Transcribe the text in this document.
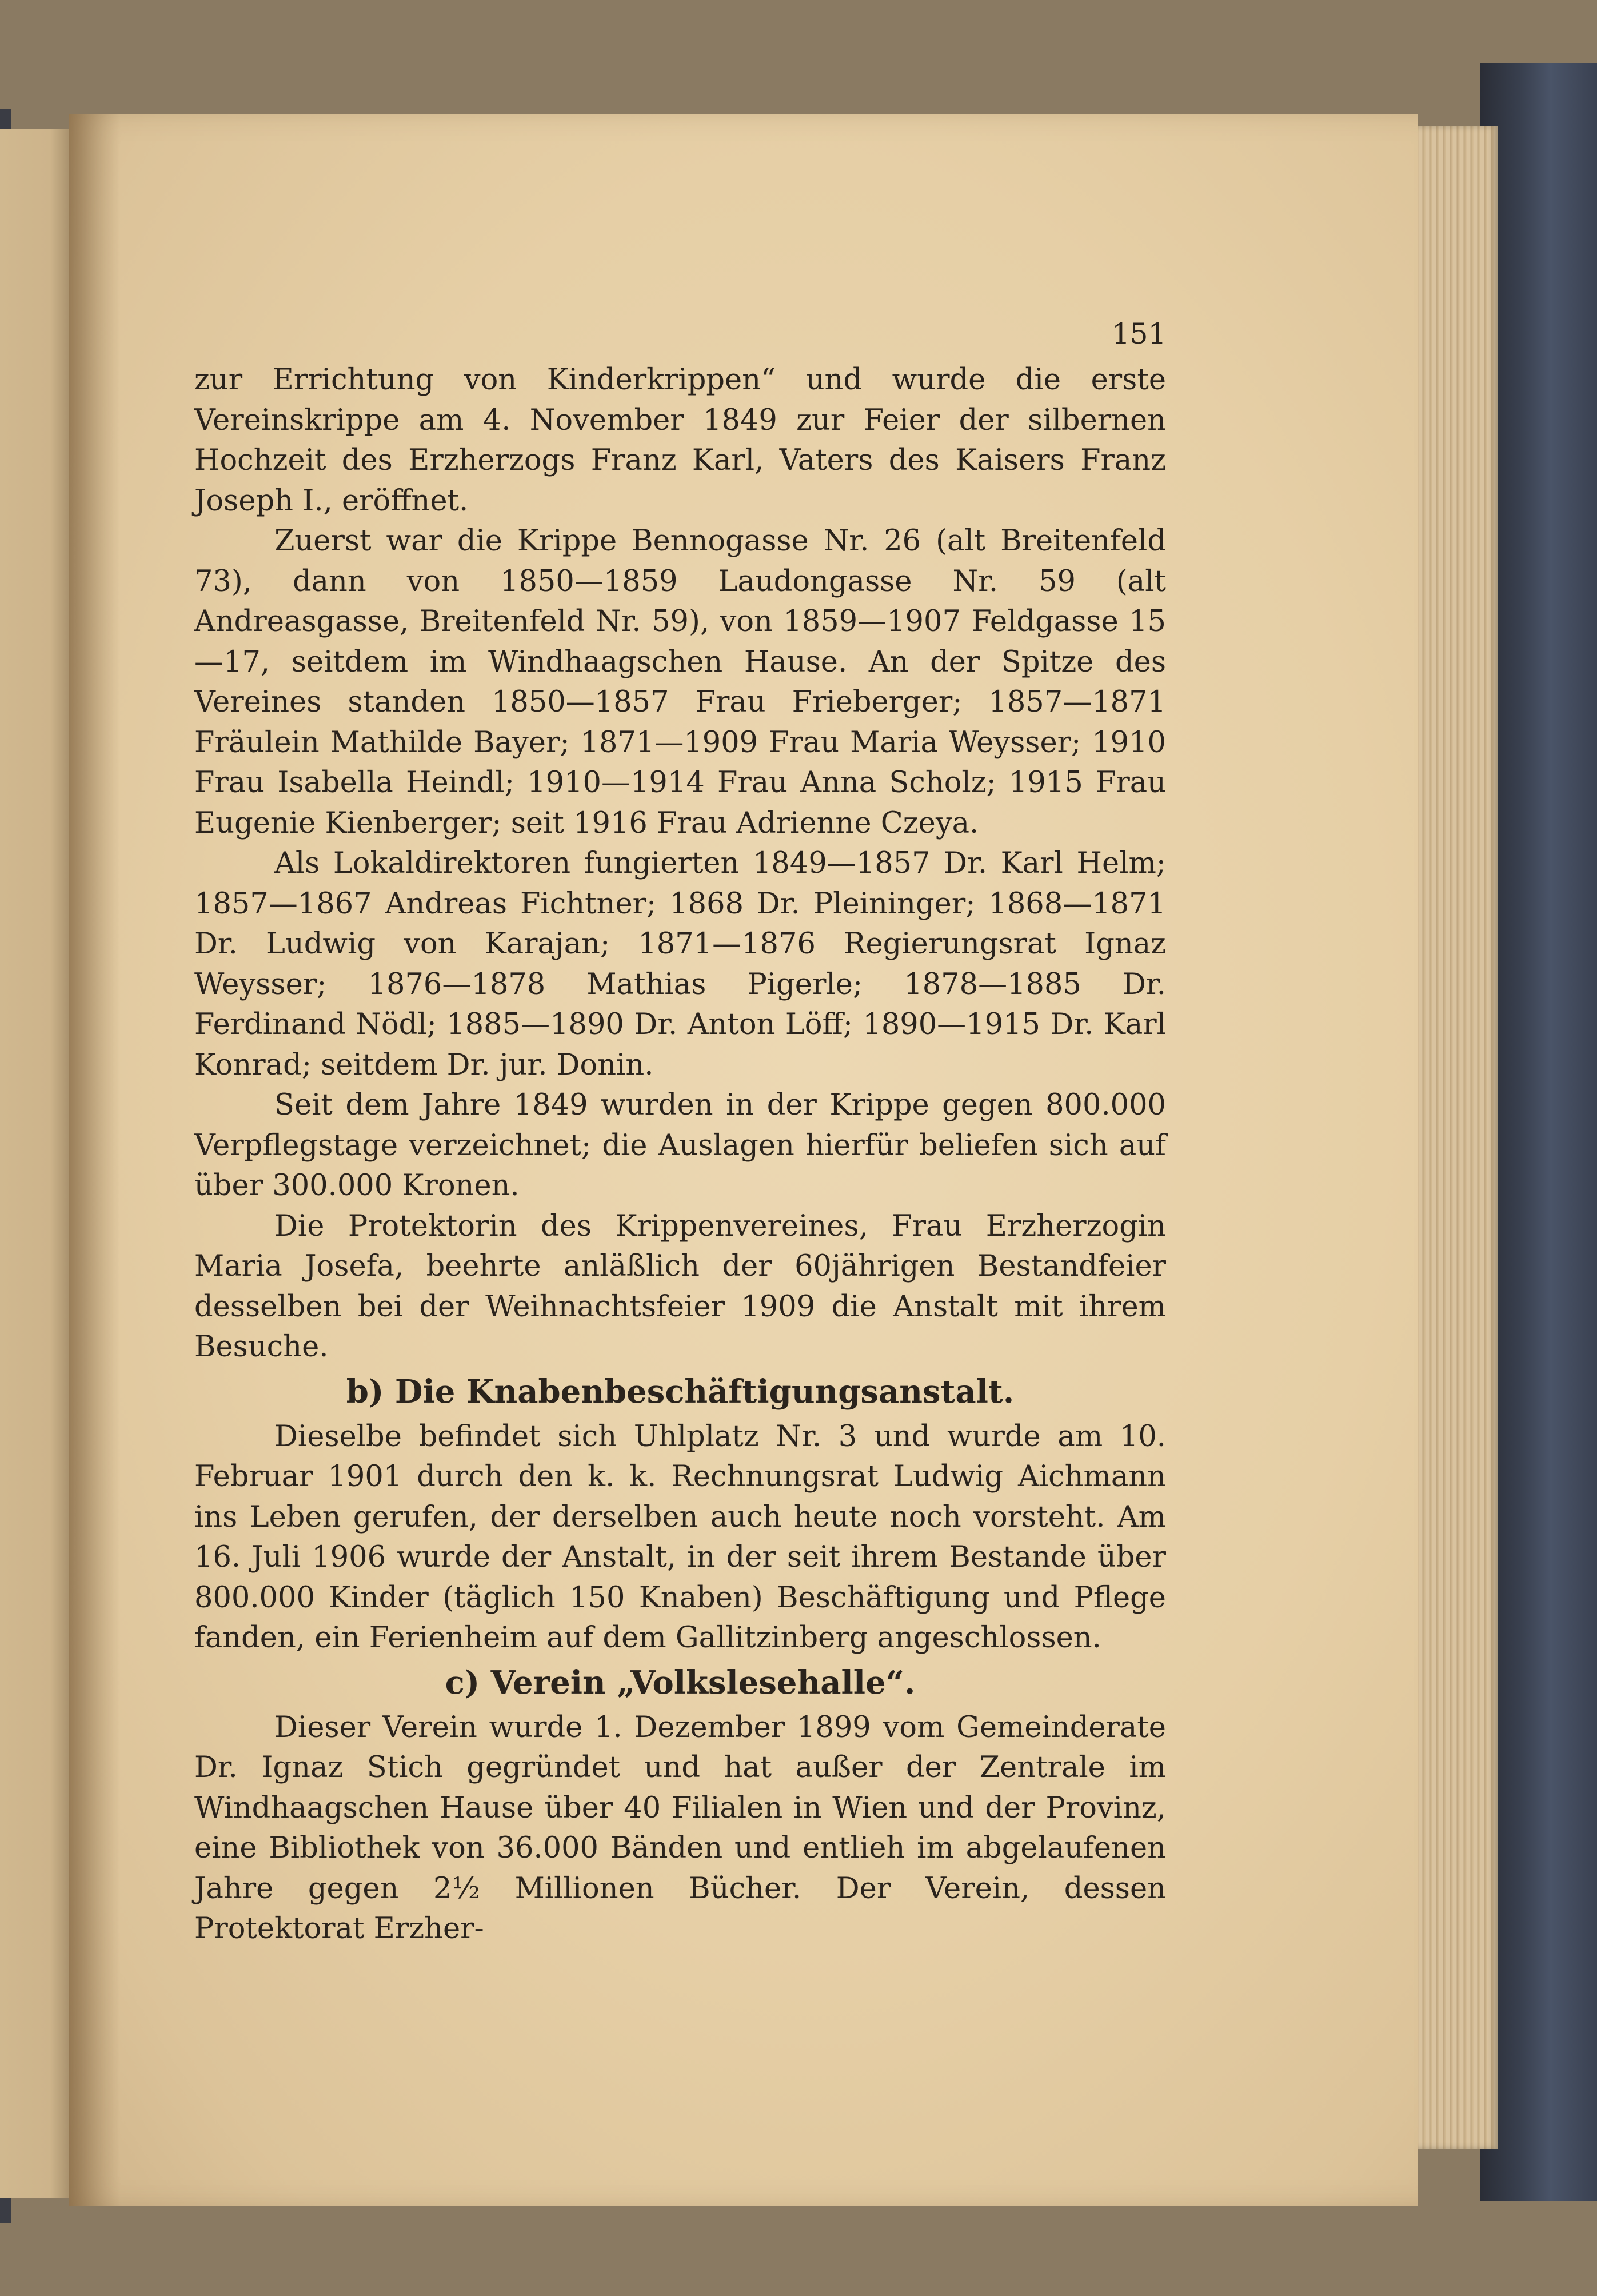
151

zur Errichtung von Kinderkrippen“ und wurde die erste Vereinskrippe am 4. November 1849 zur Feier der silbernen Hochzeit des Erzherzogs Franz Karl, Vaters des Kaisers Franz Joseph I., eröffnet.

Zuerst war die Krippe Bennogasse Nr. 26 (alt Breitenfeld 73), dann von 1850—1859 Laudongasse Nr. 59 (alt Andreasgasse, Breitenfeld Nr. 59), von 1859—1907 Feldgasse 15—17, seitdem im Windhaagschen Hause. An der Spitze des Vereines standen 1850—1857 Frau Frieberger; 1857—1871 Fräulein Mathilde Bayer; 1871—1909 Frau Maria Weysser; 1910 Frau Isabella Heindl; 1910—1914 Frau Anna Scholz; 1915 Frau Eugenie Kienberger; seit 1916 Frau Adrienne Czeya.

Als Lokaldirektoren fungierten 1849—1857 Dr. Karl Helm; 1857—1867 Andreas Fichtner; 1868 Dr. Pleininger; 1868—1871 Dr. Ludwig von Karajan; 1871—1876 Regierungsrat Ignaz Weysser; 1876—1878 Mathias Pigerle; 1878—1885 Dr. Ferdinand Nödl; 1885—1890 Dr. Anton Löff; 1890—1915 Dr. Karl Konrad; seitdem Dr. jur. Donin.

Seit dem Jahre 1849 wurden in der Krippe gegen 800.000 Verpflegstage verzeichnet; die Auslagen hierfür beliefen sich auf über 300.000 Kronen.

Die Protektorin des Krippenvereines, Frau Erzherzogin Maria Josefa, beehrte anläßlich der 60jährigen Bestandfeier desselben bei der Weihnachtsfeier 1909 die Anstalt mit ihrem Besuche.

b) Die Knabenbeschäftigungsanstalt.

Dieselbe befindet sich Uhlplatz Nr. 3 und wurde am 10. Februar 1901 durch den k. k. Rechnungsrat Ludwig Aichmann ins Leben gerufen, der derselben auch heute noch vorsteht. Am 16. Juli 1906 wurde der Anstalt, in der seit ihrem Bestande über 800.000 Kinder (täglich 150 Knaben) Beschäftigung und Pflege fanden, ein Ferienheim auf dem Gallitzinberg angeschlossen.

c) Verein „Volkslesehalle“.

Dieser Verein wurde 1. Dezember 1899 vom Gemeinderate Dr. Ignaz Stich gegründet und hat außer der Zentrale im Windhaagschen Hause über 40 Filialen in Wien und der Provinz, eine Bibliothek von 36.000 Bänden und entlieh im abgelaufenen Jahre gegen 2½ Millionen Bücher. Der Verein, dessen Protektorat Erzher-
